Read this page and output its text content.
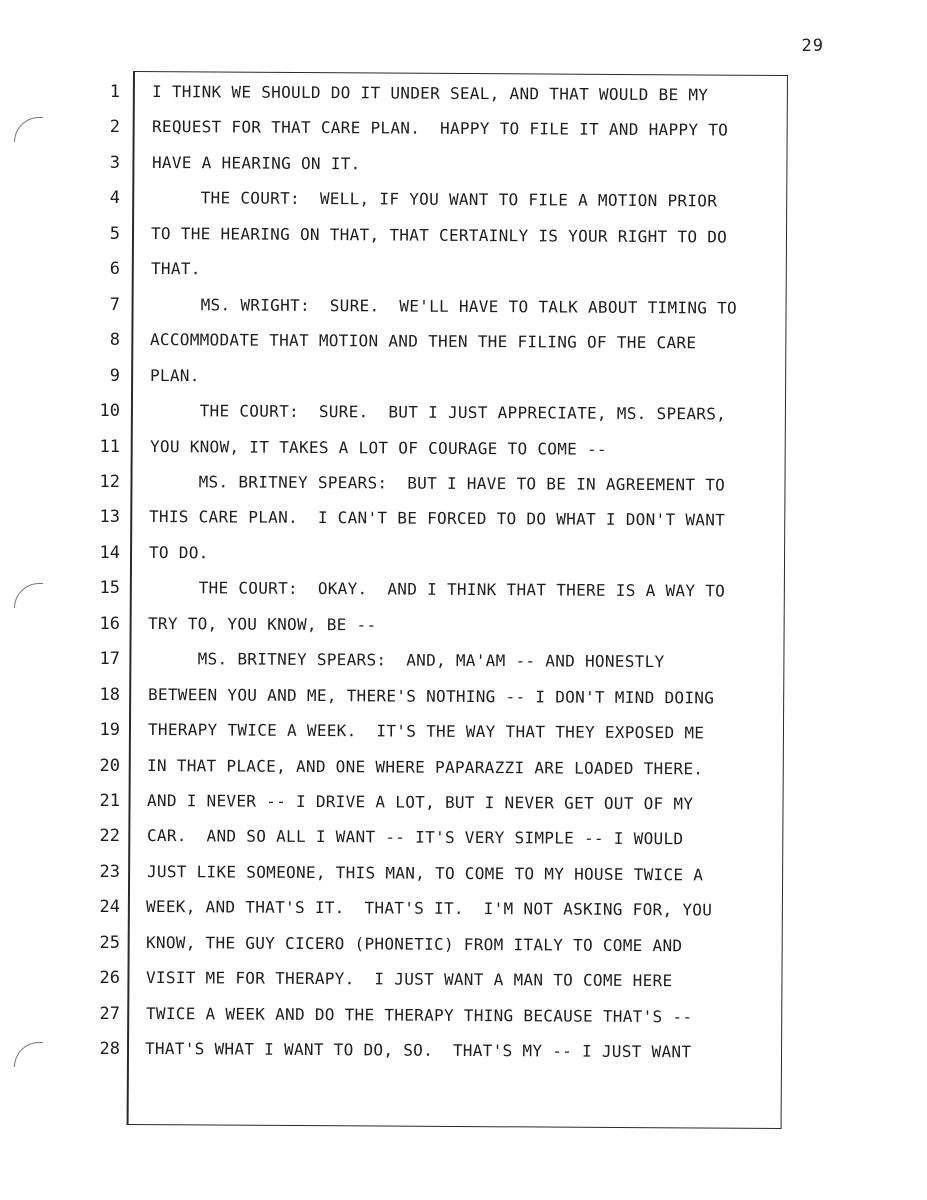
29
1
2
3
4
5
6
7
8
9
10
11
12
13
14
15
16
17
18
19
20
21
22
23
24
25
26
27
28
I THINK WE SHOULD DO IT UNDER SEAL, AND THAT WOULD BE MY
REQUEST FOR THAT CARE PLAN.  HAPPY TO FILE IT AND HAPPY TO
HAVE A HEARING ON IT.
THE COURT:  WELL, IF YOU WANT TO FILE A MOTION PRIOR
TO THE HEARING ON THAT, THAT CERTAINLY IS YOUR RIGHT TO DO
THAT.
MS. WRIGHT:  SURE.  WE'LL HAVE TO TALK ABOUT TIMING TO
ACCOMMODATE THAT MOTION AND THEN THE FILING OF THE CARE
PLAN.
THE COURT:  SURE.  BUT I JUST APPRECIATE, MS. SPEARS,
YOU KNOW, IT TAKES A LOT OF COURAGE TO COME --
MS. BRITNEY SPEARS:  BUT I HAVE TO BE IN AGREEMENT TO
THIS CARE PLAN.  I CAN'T BE FORCED TO DO WHAT I DON'T WANT
TO DO.
THE COURT:  OKAY.  AND I THINK THAT THERE IS A WAY TO
TRY TO, YOU KNOW, BE --
MS. BRITNEY SPEARS:  AND, MA'AM -- AND HONESTLY
BETWEEN YOU AND ME, THERE'S NOTHING -- I DON'T MIND DOING
THERAPY TWICE A WEEK.  IT'S THE WAY THAT THEY EXPOSED ME
IN THAT PLACE, AND ONE WHERE PAPARAZZI ARE LOADED THERE.
AND I NEVER -- I DRIVE A LOT, BUT I NEVER GET OUT OF MY
CAR.  AND SO ALL I WANT -- IT'S VERY SIMPLE -- I WOULD
JUST LIKE SOMEONE, THIS MAN, TO COME TO MY HOUSE TWICE A
WEEK, AND THAT'S IT.  THAT'S IT.  I'M NOT ASKING FOR, YOU
KNOW, THE GUY CICERO (PHONETIC) FROM ITALY TO COME AND
VISIT ME FOR THERAPY.  I JUST WANT A MAN TO COME HERE
TWICE A WEEK AND DO THE THERAPY THING BECAUSE THAT'S --
THAT'S WHAT I WANT TO DO, SO.  THAT'S MY -- I JUST WANT
